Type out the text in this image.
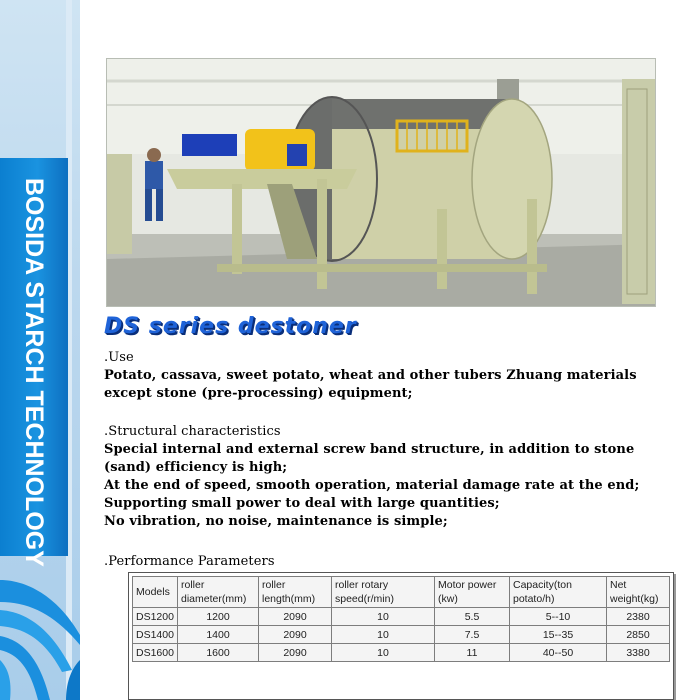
BOSIDA STARCH TECHNOLOGY	DS series destoner

.Use

Potato, cassava, sweet potato, wheat and other tubers Zhuang materials except stone (pre-processing) equipment;

.Structural characteristics

Special internal and external screw band structure, in addition to stone (sand) efficiency is high;

At the end of speed, smooth operation, material damage rate at the end;

Supporting small power to deal with large quantities;

No vibration, no noise, maintenance is simple;

.Performance Parameters

Models	roller diameter(mm)	roller length(mm)	roller rotary speed(r/min)	Motor power (kw)	Capacity(ton potato/h)	Net weight(kg)
DS1200	1200	2090	10	5.5	5--10	2380
DS1400	1400	2090	10	7.5	15--35	2850
DS1600	1600	2090	10	11	40--50	3380
